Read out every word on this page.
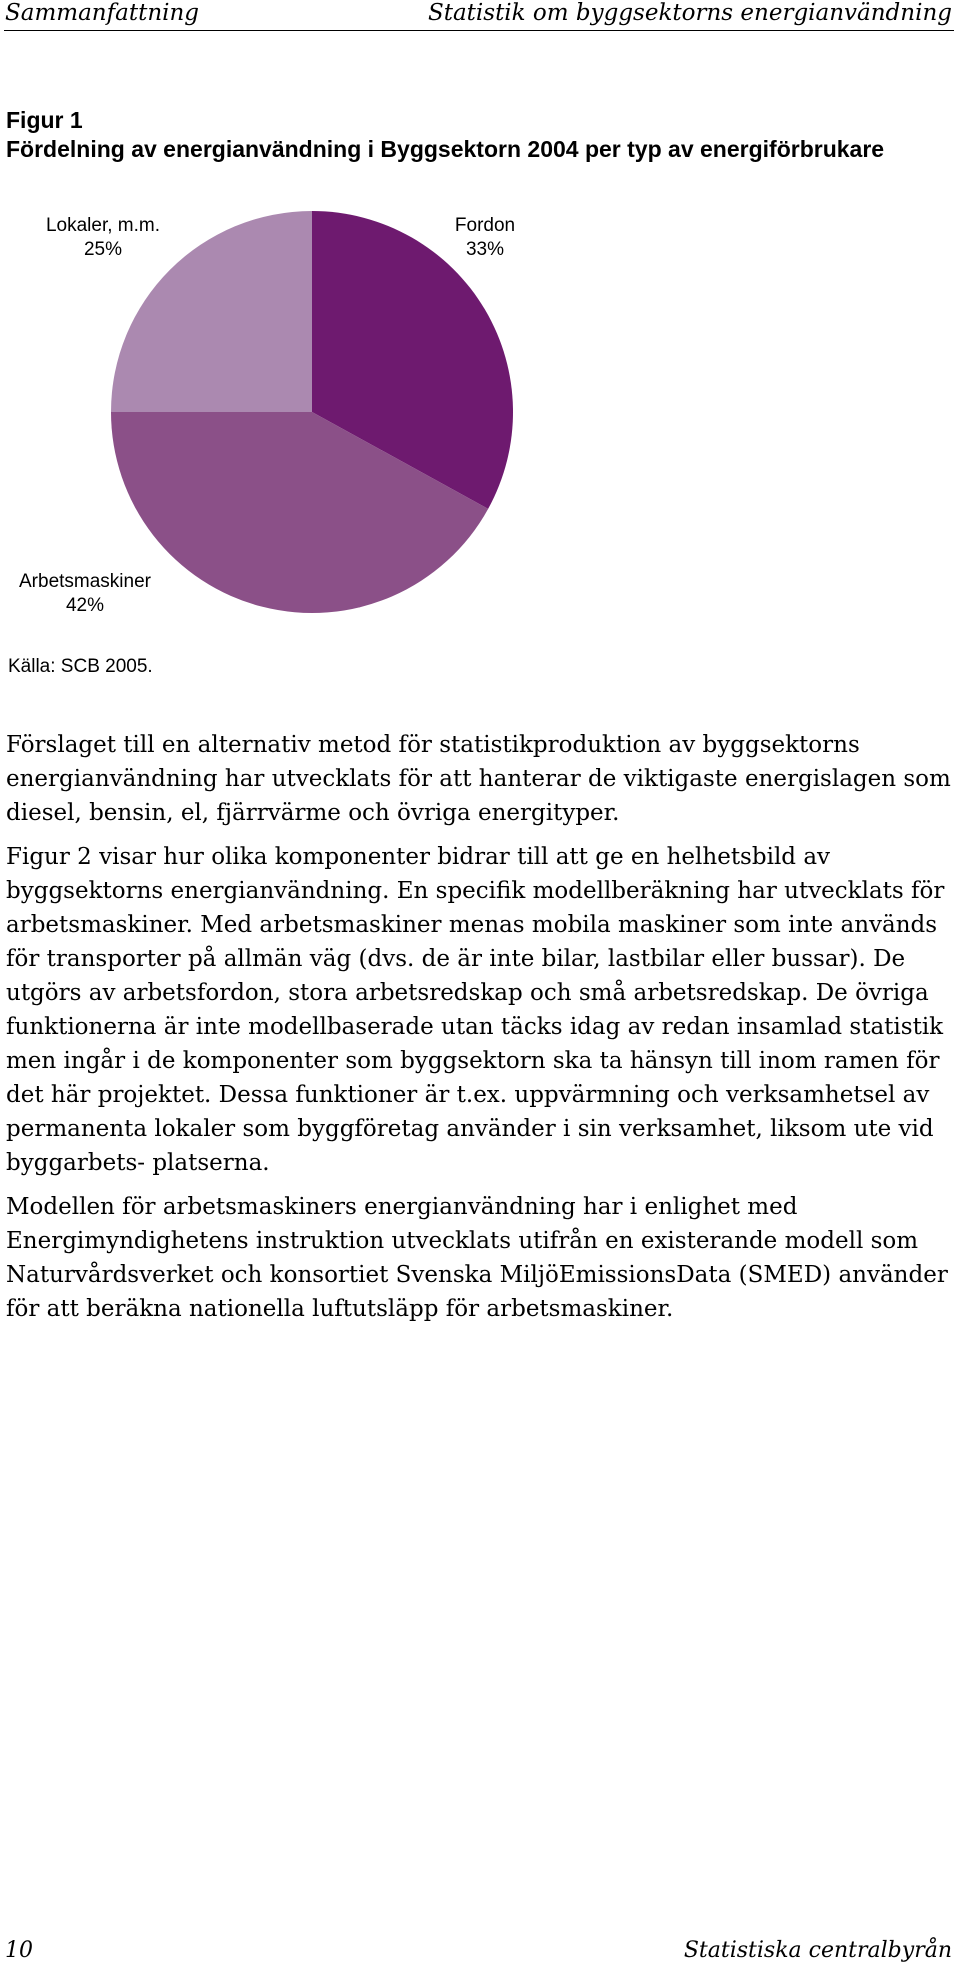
Sammanfattning	Statistik om byggsektorns energianvändning
Figur 1
Fördelning av energianvändning i Byggsektorn 2004 per typ av energiförbrukare
Lokaler, m.m.
25%
Fordon
33%
Arbetsmaskiner
42%
Källa: SCB 2005.

Förslaget till en alternativ metod för statistikproduktion av byggsektorns energianvändning har utvecklats för att hanterar de viktigaste energislagen som diesel, bensin, el, fjärrvärme och övriga energityper.

Figur 2 visar hur olika komponenter bidrar till att ge en helhetsbild av byggsektorns energianvändning. En specifik modellberäkning har utvecklats för arbetsmaskiner. Med arbetsmaskiner menas mobila maskiner som inte används för transporter på allmän väg (dvs. de är inte bilar, lastbilar eller bussar). De utgörs av arbetsfordon, stora arbetsredskap och små arbetsredskap. De övriga funktionerna är inte modellbaserade utan täcks idag av redan insamlad statistik men ingår i de komponenter som byggsektorn ska ta hänsyn till inom ramen för det här projektet. Dessa funktioner är t.ex. uppvärmning och verksamhetsel av permanenta lokaler som byggföretag använder i sin verksamhet, liksom ute vid byggarbets- platserna.

Modellen för arbetsmaskiners energianvändning har i enlighet med Energimyndighetens instruktion utvecklats utifrån en existerande modell som Naturvårdsverket och konsortiet Svenska MiljöEmissionsData (SMED) använder för att beräkna nationella luftutsläpp för arbetsmaskiner.

10	Statistiska centralbyrån
